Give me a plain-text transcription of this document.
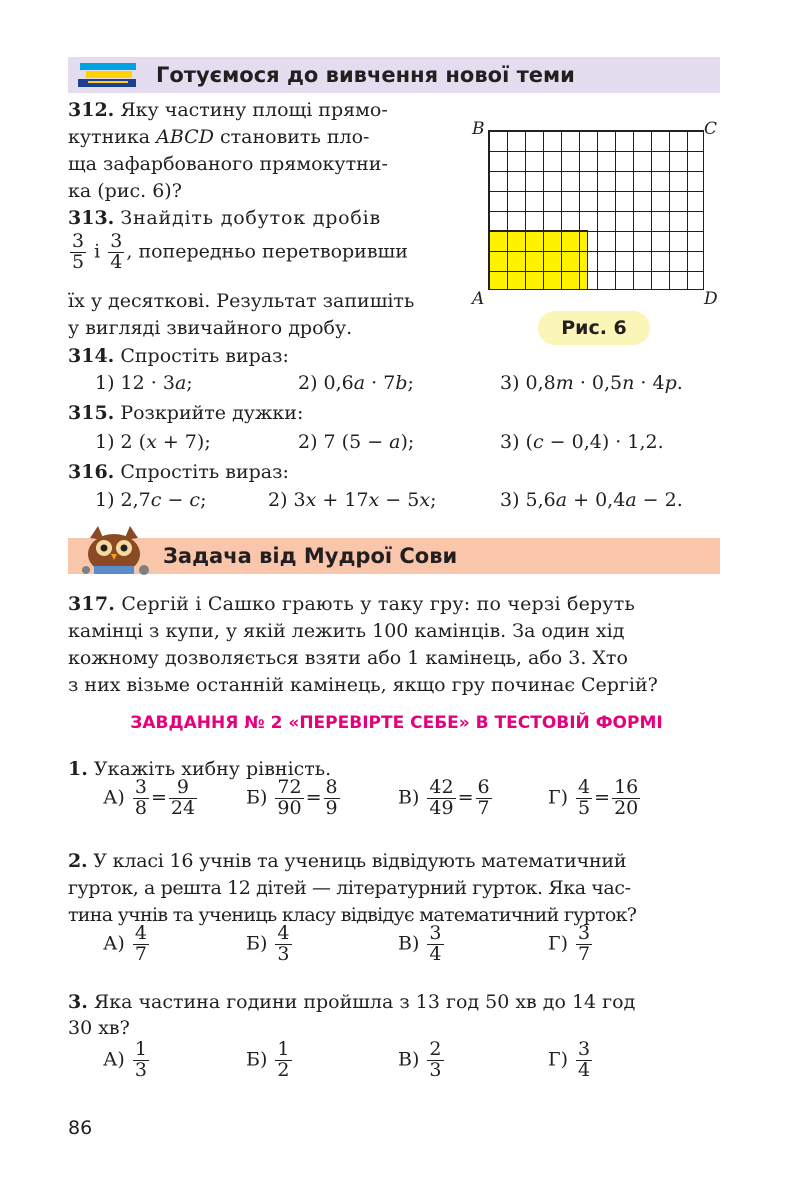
Готуємося до вивчення нової теми
312. Яку частину площі прямо-
кутника ABCD становить пло-
ща зафарбованого прямокутни-
ка (рис. 6)?
B	C
A	D
Рис. 6
313. Знайдіть добуток дробів
$\frac{3}{5}$ і $\frac{3}{4}$ , попередньо перетворивши
їх у десяткові. Результат запишіть
у вигляді звичайного дробу.
314. Спростіть вираз:
1) 12 · 3a;	2) 0,6a · 7b;	3) 0,8m · 0,5n · 4p.
315. Розкрийте дужки:
1) 2 (x + 7);	2) 7 (5 − a);	3) (c − 0,4) · 1,2.
316. Спростіть вираз:
1) 2,7c − c;	2) 3x + 17x − 5x;	3) 5,6a + 0,4a − 2.
Задача від Мудрої Сови
317. Сергій і Сашко грають у таку гру: по черзі беруть
камінці з купи, у якій лежить 100 камінців. За один хід
кожному дозволяється взяти або 1 камінець, або 3. Хто
з них візьме останній камінець, якщо гру починає Сергій?
ЗАВДАННЯ № 2 «ПЕРЕВІРТЕ СЕБЕ» В ТЕСТОВІЙ ФОРМІ
1. Укажіть хибну рівність.
$А) \frac{3}{8} = \frac{9}{24}$	$Б) \frac{72}{90} = \frac{8}{9}$	$В) \frac{42}{49} = \frac{6}{7}$	$Г) \frac{4}{5} = \frac{16}{20}$
2. У класі 16 учнів та учениць відвідують математичний
гурток, а решта 12 дітей — літературний гурток. Яка час-
тина учнів та учениць класу відвідує математичний гурток?
$А) \frac{4}{7}$	$Б) \frac{4}{3}$	$В) \frac{3}{4}$	$Г) \frac{3}{7}$
3. Яка частина години пройшла з 13 год 50 хв до 14 год
30 хв?
$А) \frac{1}{3}$	$Б) \frac{1}{2}$	$В) \frac{2}{3}$	$Г) \frac{3}{4}$
86
